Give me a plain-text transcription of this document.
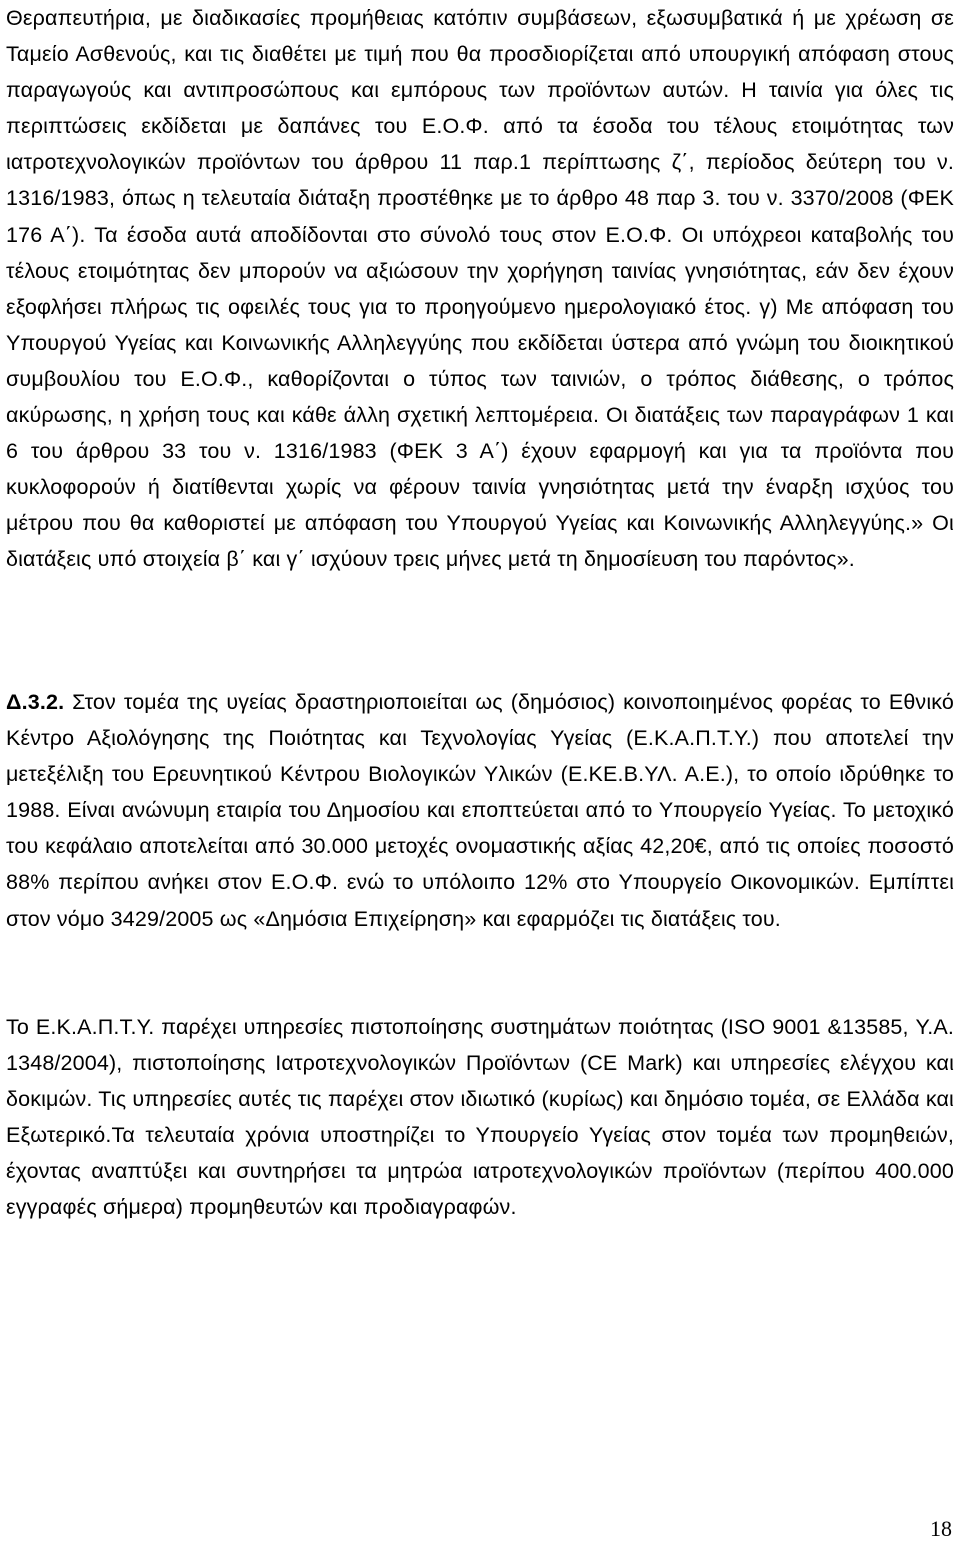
Θεραπευτήρια, με διαδικασίες προμήθειας κατόπιν συμβάσεων, εξωσυμβατικά ή με χρέωση σε Ταμείο Ασθενούς, και τις διαθέτει με τιμή που θα προσδιορίζεται από υπουργική απόφαση στους παραγωγούς και αντιπροσώπους και εμπόρους των προϊόντων αυτών. Η ταινία για όλες τις περιπτώσεις εκδίδεται με δαπάνες του Ε.Ο.Φ. από τα έσοδα του τέλους ετοιμότητας των ιατροτεχνολογικών προϊόντων του άρθρου 11 παρ.1 περίπτωσης ζ΄, περίοδος δεύτερη του ν. 1316/1983, όπως η τελευταία διάταξη προστέθηκε με το άρθρο 48 παρ 3. του ν. 3370/2008 (ΦΕΚ 176 Α΄). Τα έσοδα αυτά αποδίδονται στο σύνολό τους στον Ε.Ο.Φ. Οι υπόχρεοι καταβολής του τέλους ετοιμότητας δεν μπορούν να αξιώσουν την χορήγηση ταινίας γνησιότητας, εάν δεν έχουν εξοφλήσει πλήρως τις οφειλές τους για το προηγούμενο ημερολογιακό έτος. γ) Με απόφαση του Υπουργού Υγείας και Κοινωνικής Αλληλεγγύης που εκδίδεται ύστερα από γνώμη του διοικητικού συμβουλίου του Ε.Ο.Φ., καθορίζονται ο τύπος των ταινιών, ο τρόπος διάθεσης, ο τρόπος ακύρωσης, η χρήση τους και κάθε άλλη σχετική λεπτομέρεια. Οι διατάξεις των παραγράφων 1 και 6 του άρθρου 33 του ν. 1316/1983 (ΦΕΚ 3 Α΄) έχουν εφαρμογή και για τα προϊόντα που κυκλοφορούν ή διατίθενται χωρίς να φέρουν ταινία γνησιότητας μετά την έναρξη ισχύος του μέτρου που θα καθοριστεί με απόφαση του Υπουργού Υγείας και Κοινωνικής Αλληλεγγύης.» Οι διατάξεις υπό στοιχεία β΄ και γ΄ ισχύουν τρεις μήνες μετά τη δημοσίευση του παρόντος».

Δ.3.2. Στον τομέα της υγείας δραστηριοποιείται ως (δημόσιος) κοινοποιημένος φορέας το Εθνικό Κέντρο Αξιολόγησης της Ποιότητας και Τεχνολογίας Υγείας (Ε.Κ.Α.Π.Τ.Υ.) που αποτελεί την μετεξέλιξη του Ερευνητικού Κέντρου Βιολογικών Υλικών (Ε.ΚΕ.Β.ΥΛ. Α.Ε.), το οποίο ιδρύθηκε το 1988. Είναι ανώνυμη εταιρία του Δημοσίου και εποπτεύεται από το Υπουργείο Υγείας. Το μετοχικό του κεφάλαιο αποτελείται από 30.000 μετοχές ονομαστικής αξίας 42,20€, από τις οποίες ποσοστό 88% περίπου ανήκει στον Ε.Ο.Φ. ενώ το υπόλοιπο 12% στο Υπουργείο Οικονομικών. Εμπίπτει στον νόμο 3429/2005 ως «Δημόσια Επιχείρηση» και εφαρμόζει τις διατάξεις του.

Το Ε.Κ.Α.Π.Τ.Υ. παρέχει υπηρεσίες πιστοποίησης συστημάτων ποιότητας (ISO 9001 &13585, Υ.Α. 1348/2004), πιστοποίησης Ιατροτεχνολογικών Προϊόντων (CE Mark) και υπηρεσίες ελέγχου και δοκιμών. Τις υπηρεσίες αυτές τις παρέχει στον ιδιωτικό (κυρίως) και δημόσιο τομέα, σε Ελλάδα και Εξωτερικό.Τα τελευταία χρόνια υποστηρίζει το Υπουργείο Υγείας στον τομέα των προμηθειών, έχοντας αναπτύξει και συντηρήσει τα μητρώα ιατροτεχνολογικών προϊόντων (περίπου 400.000 εγγραφές σήμερα) προμηθευτών και προδιαγραφών.

18
